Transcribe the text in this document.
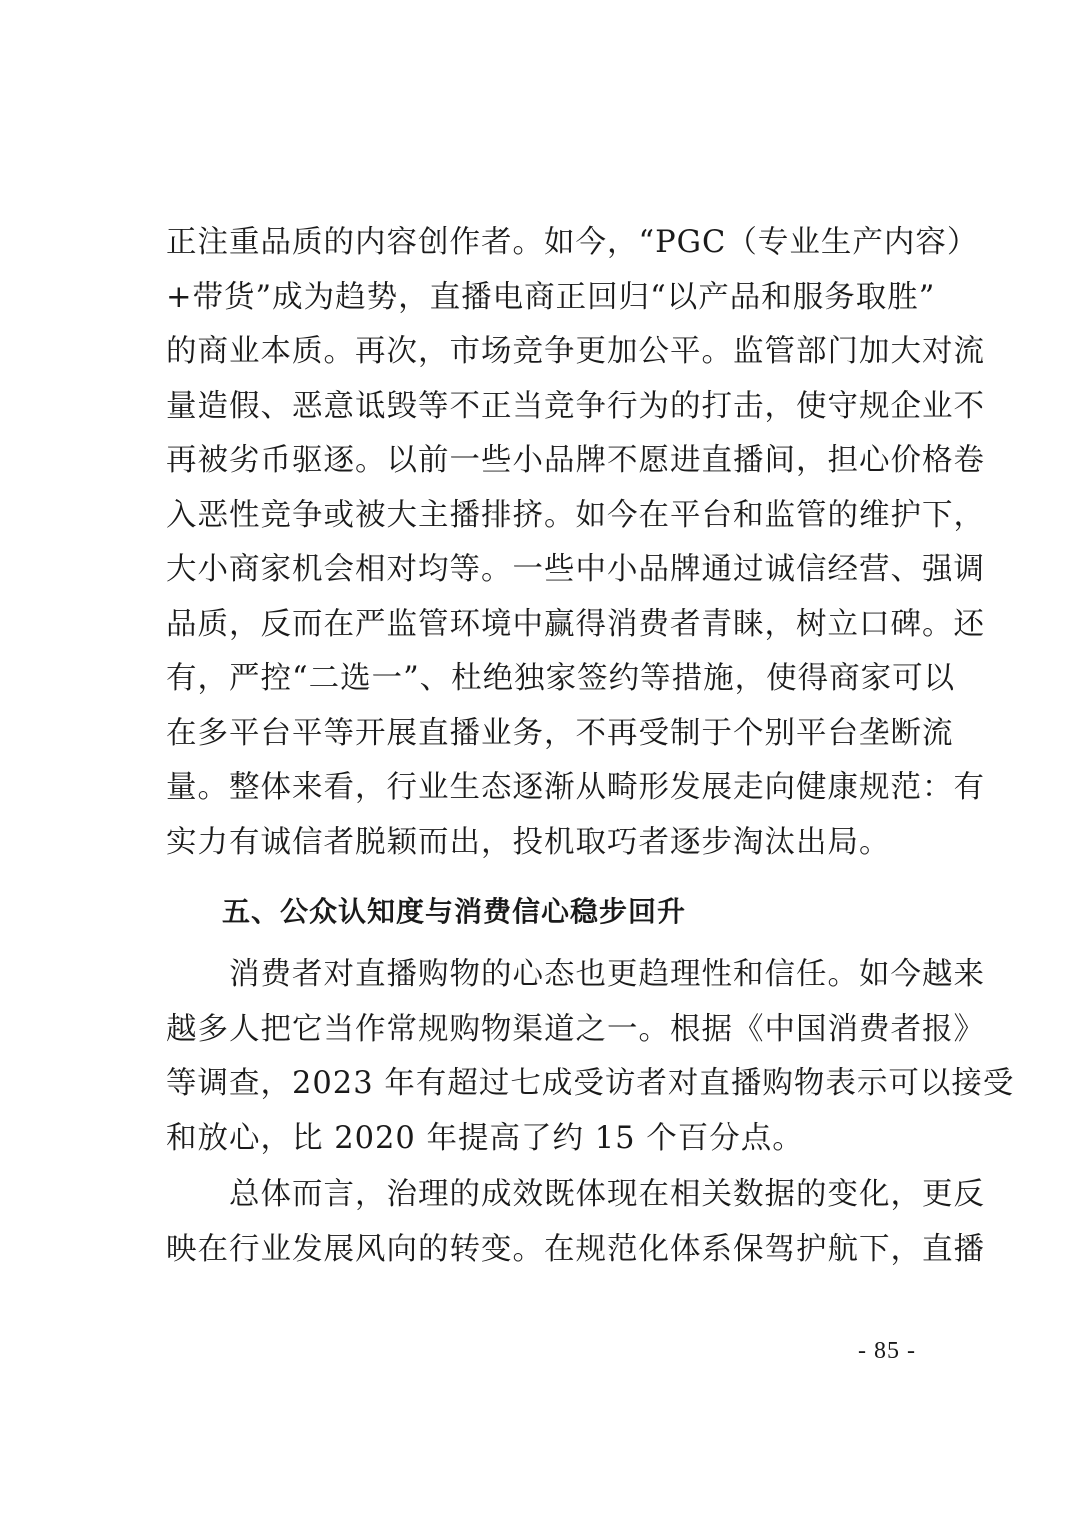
正注重品质的内容创作者。如今，“PGC（专业生产内容）
+带货”成为趋势，直播电商正回归“以产品和服务取胜”
的商业本质。再次，市场竞争更加公平。监管部门加大对流
量造假、恶意诋毁等不正当竞争行为的打击，使守规企业不
再被劣币驱逐。以前一些小品牌不愿进直播间，担心价格卷
入恶性竞争或被大主播排挤。如今在平台和监管的维护下，
大小商家机会相对均等。一些中小品牌通过诚信经营、强调
品质，反而在严监管环境中赢得消费者青睐，树立口碑。还
有，严控“二选一”、杜绝独家签约等措施，使得商家可以
在多平台平等开展直播业务，不再受制于个别平台垄断流
量。整体来看，行业生态逐渐从畸形发展走向健康规范：有
实力有诚信者脱颖而出，投机取巧者逐步淘汰出局。
五、公众认知度与消费信心稳步回升
　　消费者对直播购物的心态也更趋理性和信任。如今越来
越多人把它当作常规购物渠道之一。根据《中国消费者报》
等调查，2023 年有超过七成受访者对直播购物表示可以接受
和放心，比 2020 年提高了约 15 个百分点。
　　总体而言，治理的成效既体现在相关数据的变化，更反
映在行业发展风向的转变。在规范化体系保驾护航下，直播
- 85 -
